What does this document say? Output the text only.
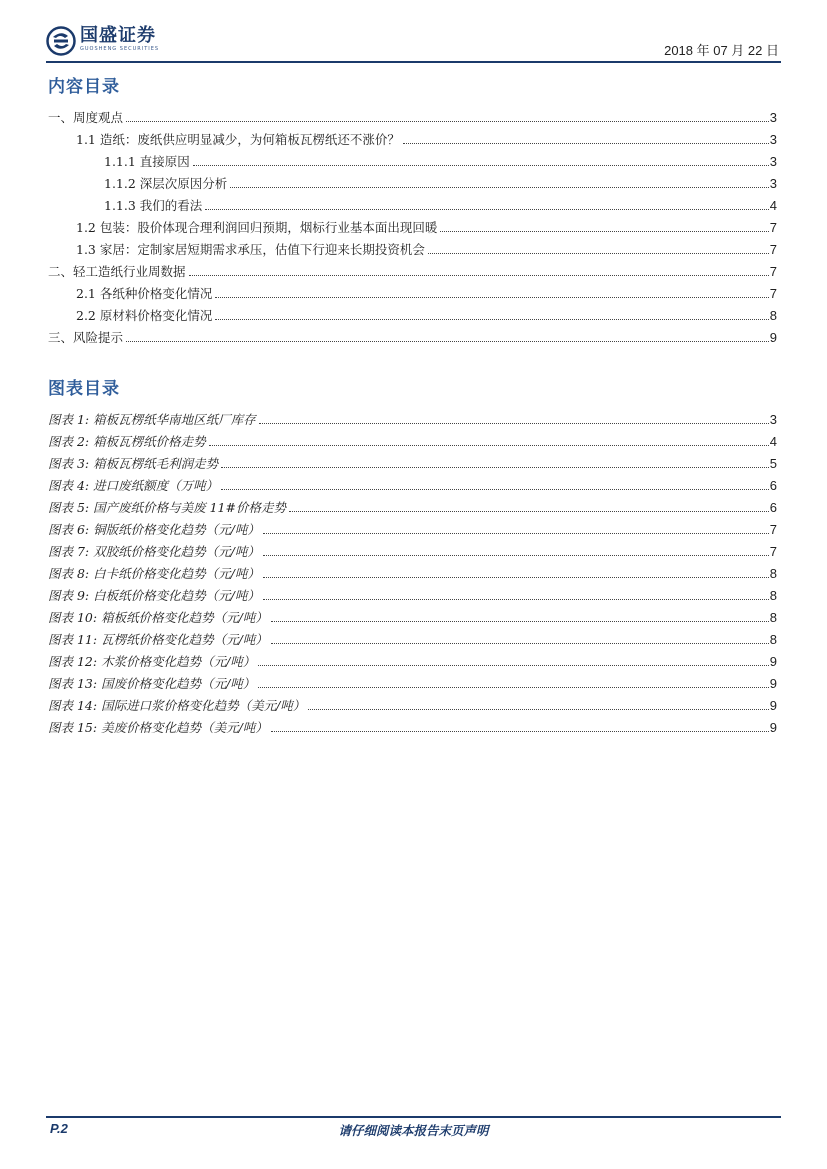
国盛证券
GUOSHENG SECURITIES	2018 年 07 月 22 日
内容目录
一、周度观点	3
1.1 造纸：废纸供应明显减少，为何箱板瓦楞纸还不涨价？	3
1.1.1 直接原因	3
1.1.2 深层次原因分析	3
1.1.3 我们的看法	4
1.2 包装：股价体现合理利润回归预期，烟标行业基本面出现回暖	7
1.3 家居：定制家居短期需求承压，估值下行迎来长期投资机会	7
二、轻工造纸行业周数据	7
2.1 各纸种价格变化情况	7
2.2 原材料价格变化情况	8
三、风险提示	9
图表目录
图表 1: 箱板瓦楞纸华南地区纸厂库存	3
图表 2: 箱板瓦楞纸价格走势	4
图表 3: 箱板瓦楞纸毛利润走势	5
图表 4: 进口废纸额度（万吨）	6
图表 5: 国产废纸价格与美废 11#价格走势	6
图表 6: 铜版纸价格变化趋势（元/吨）	7
图表 7: 双胶纸价格变化趋势（元/吨）	7
图表 8: 白卡纸价格变化趋势（元/吨）	8
图表 9: 白板纸价格变化趋势（元/吨）	8
图表 10: 箱板纸价格变化趋势（元/吨）	8
图表 11: 瓦楞纸价格变化趋势（元/吨）	8
图表 12: 木浆价格变化趋势（元/吨）	9
图表 13: 国废价格变化趋势（元/吨）	9
图表 14: 国际进口浆价格变化趋势（美元/吨）	9
图表 15: 美废价格变化趋势（美元/吨）	9
P.2	请仔细阅读本报告末页声明
